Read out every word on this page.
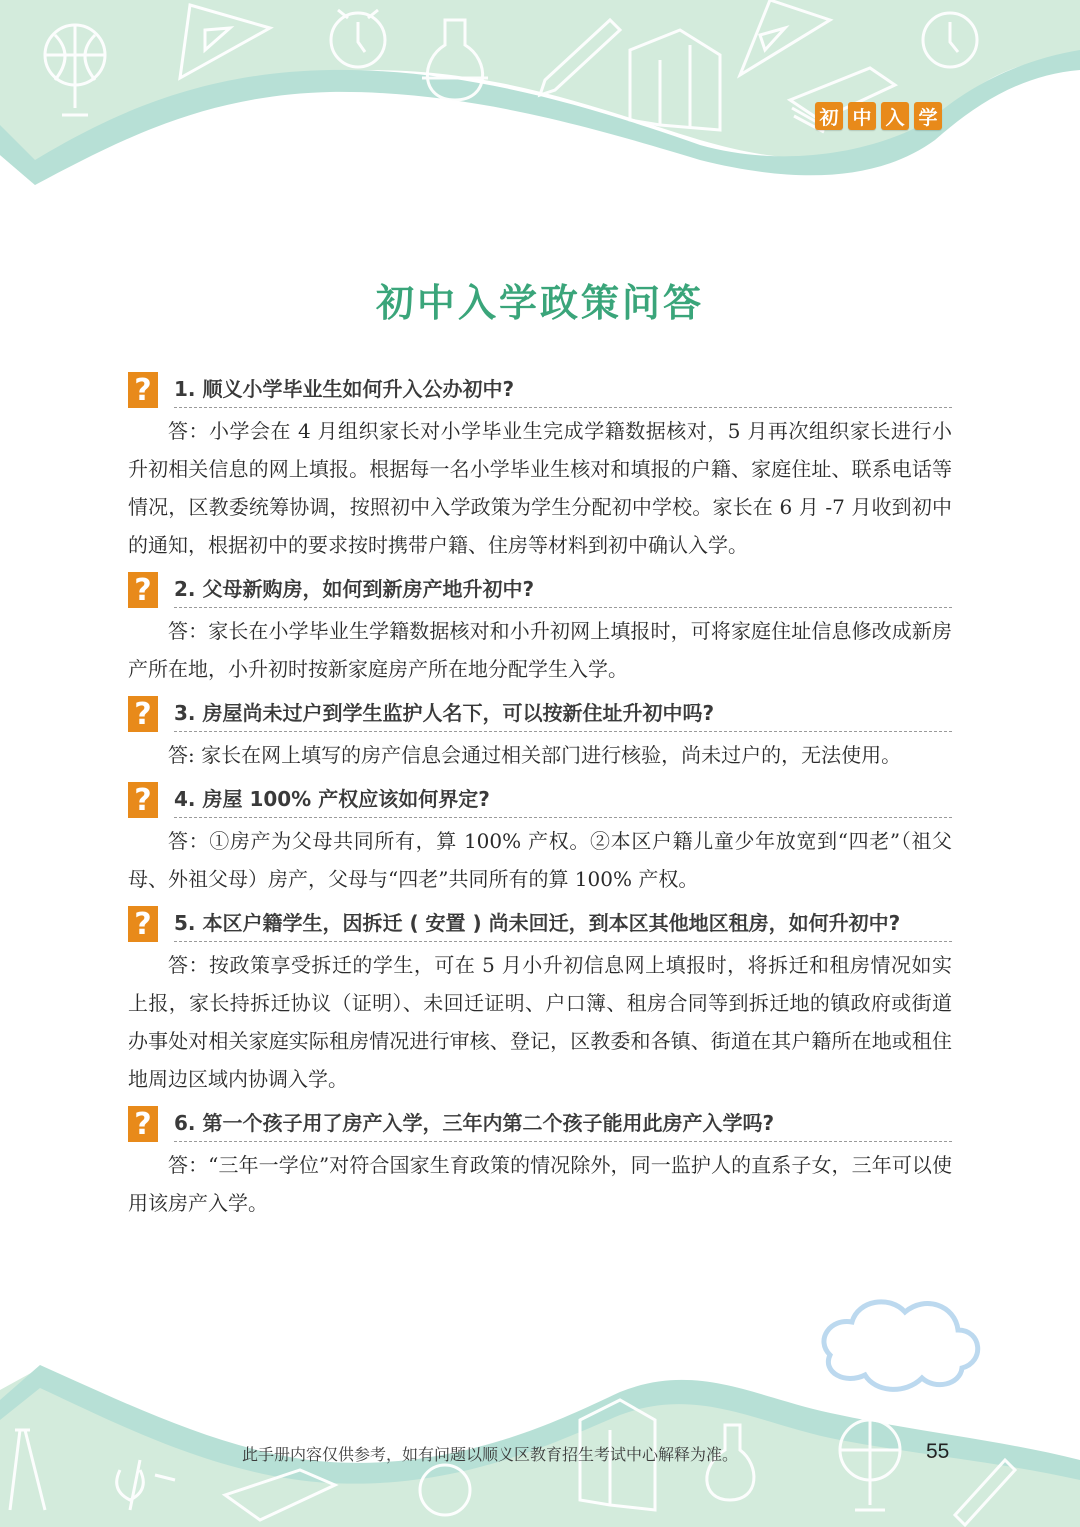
初 中 入 学
初中入学政策问答
?	1. 顺义小学毕业生如何升入公办初中?

答：小学会在 4 月组织家长对小学毕业生完成学籍数据核对，5 月再次组织家长进行小升初相关信息的网上填报。根据每一名小学毕业生核对和填报的户籍、家庭住址、联系电话等情况，区教委统筹协调，按照初中入学政策为学生分配初中学校。家长在 6 月 -7 月收到初中的通知，根据初中的要求按时携带户籍、住房等材料到初中确认入学。

?	2. 父母新购房，如何到新房产地升初中?

答：家长在小学毕业生学籍数据核对和小升初网上填报时，可将家庭住址信息修改成新房产所在地，小升初时按新家庭房产所在地分配学生入学。

?	3. 房屋尚未过户到学生监护人名下，可以按新住址升初中吗?

答: 家长在网上填写的房产信息会通过相关部门进行核验，尚未过户的，无法使用。

?	4. 房屋 100% 产权应该如何界定?

答：①房产为父母共同所有，算 100% 产权。②本区户籍儿童少年放宽到“四老”（祖父母、外祖父母）房产，父母与“四老”共同所有的算 100% 产权。

?	5. 本区户籍学生，因拆迁 ( 安置 ) 尚未回迁，到本区其他地区租房，如何升初中?

答：按政策享受拆迁的学生，可在 5 月小升初信息网上填报时，将拆迁和租房情况如实上报，家长持拆迁协议（证明）、未回迁证明、户口簿、租房合同等到拆迁地的镇政府或街道办事处对相关家庭实际租房情况进行审核、登记，区教委和各镇、街道在其户籍所在地或租住地周边区域内协调入学。

?	6. 第一个孩子用了房产入学，三年内第二个孩子能用此房产入学吗?

答：“三年一学位”对符合国家生育政策的情况除外，同一监护人的直系子女，三年可以使用该房产入学。

此手册内容仅供参考，如有问题以顺义区教育招生考试中心解释为准。	55
